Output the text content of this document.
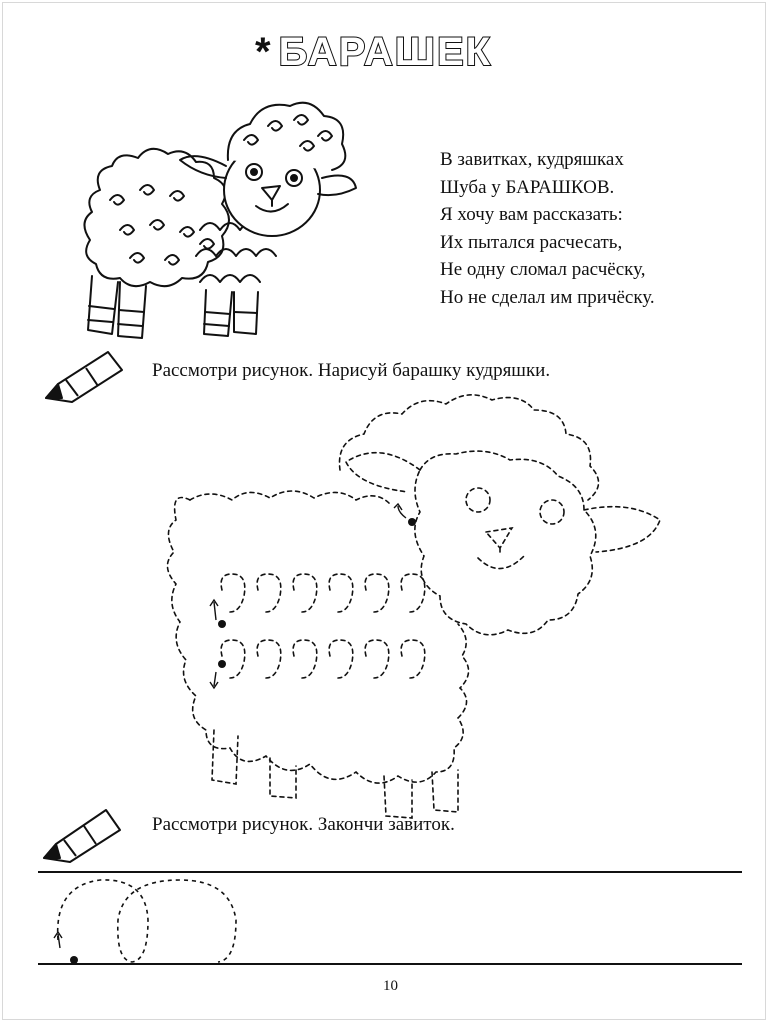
* БАРАШЕК
В завитках, кудряшках
Шуба у БАРАШКОВ.
Я хочу вам рассказать:
Их пытался расчесать,
Не одну сломал расчёску,
Но не сделал им причёску.
Рассмотри рисунок. Нарисуй барашку кудряшки.
Рассмотри рисунок. Закончи завиток.
10
